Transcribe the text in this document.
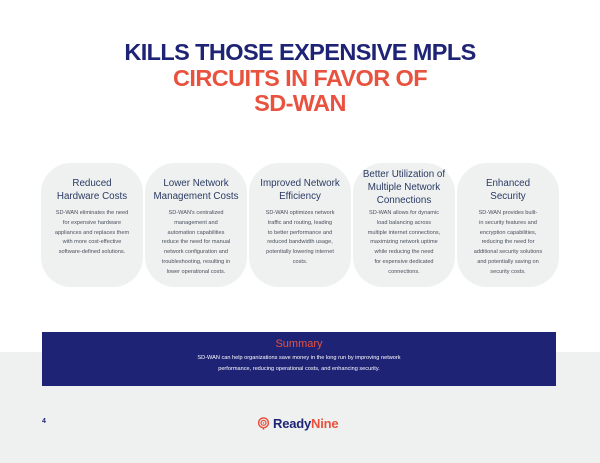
KILLS THOSE EXPENSIVE MPLS
CIRCUITS IN FAVOR OF
SD-WAN
Reduced
Hardware Costs
SD-WAN eliminates the need
for expensive hardware
appliances and replaces them
with more cost-effective
software-defined solutions.
Lower Network
Management Costs
SD-WAN's centralized
management and
automation capabilities
reduce the need for manual
network configuration and
troubleshooting, resulting in
lower operational costs.
Improved Network
Efficiency
SD-WAN optimizes network
traffic and routing, leading
to better performance and
reduced bandwidth usage,
potentially lowering internet
costs.
Better Utilization of
Multiple Network
Connections
SD-WAN allows for dynamic
load balancing across
multiple internet connections,
maximizing network uptime
while reducing the need
for expensive dedicated
connections.
Enhanced
Security
SD-WAN provides built-
in security features and
encryption capabilities,
reducing the need for
additional security solutions
and potentially saving on
security costs.
Summary
SD-WAN can help organizations save money in the long run by improving network
performance, reducing operational costs, and enhancing security.
4	ReadyNine
